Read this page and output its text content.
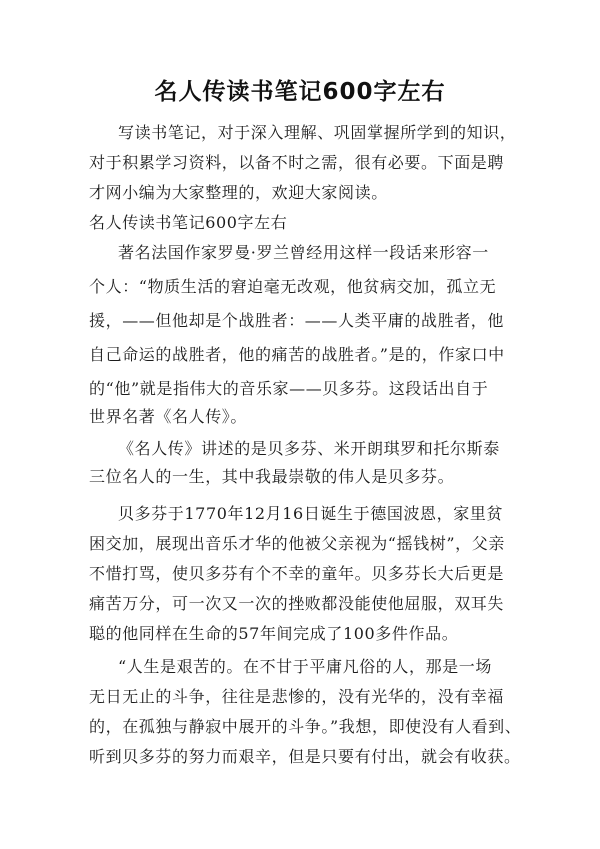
名人传读书笔记600字左右
写读书笔记，对于深入理解、巩固掌握所学到的知识，
对于积累学习资料，以备不时之需，很有必要。下面是聘
才网小编为大家整理的，欢迎大家阅读。
名人传读书笔记600字左右
著名法国作家罗曼·罗兰曾经用这样一段话来形容一
个人：“物质生活的窘迫毫无改观，他贫病交加，孤立无
援，——但他却是个战胜者：——人类平庸的战胜者，他
自己命运的战胜者，他的痛苦的战胜者。”是的，作家口中
的“他”就是指伟大的音乐家——贝多芬。这段话出自于
世界名著《名人传》。
《名人传》讲述的是贝多芬、米开朗琪罗和托尔斯泰
三位名人的一生，其中我最崇敬的伟人是贝多芬。
贝多芬于1770年12月16日诞生于德国波恩，家里贫
困交加，展现出音乐才华的他被父亲视为“摇钱树”，父亲
不惜打骂，使贝多芬有个不幸的童年。贝多芬长大后更是
痛苦万分，可一次又一次的挫败都没能使他屈服，双耳失
聪的他同样在生命的57年间完成了100多件作品。
“人生是艰苦的。在不甘于平庸凡俗的人，那是一场
无日无止的斗争，往往是悲惨的，没有光华的，没有幸福
的，在孤独与静寂中展开的斗争。”我想，即使没有人看到、
听到贝多芬的努力而艰辛，但是只要有付出，就会有收获。
